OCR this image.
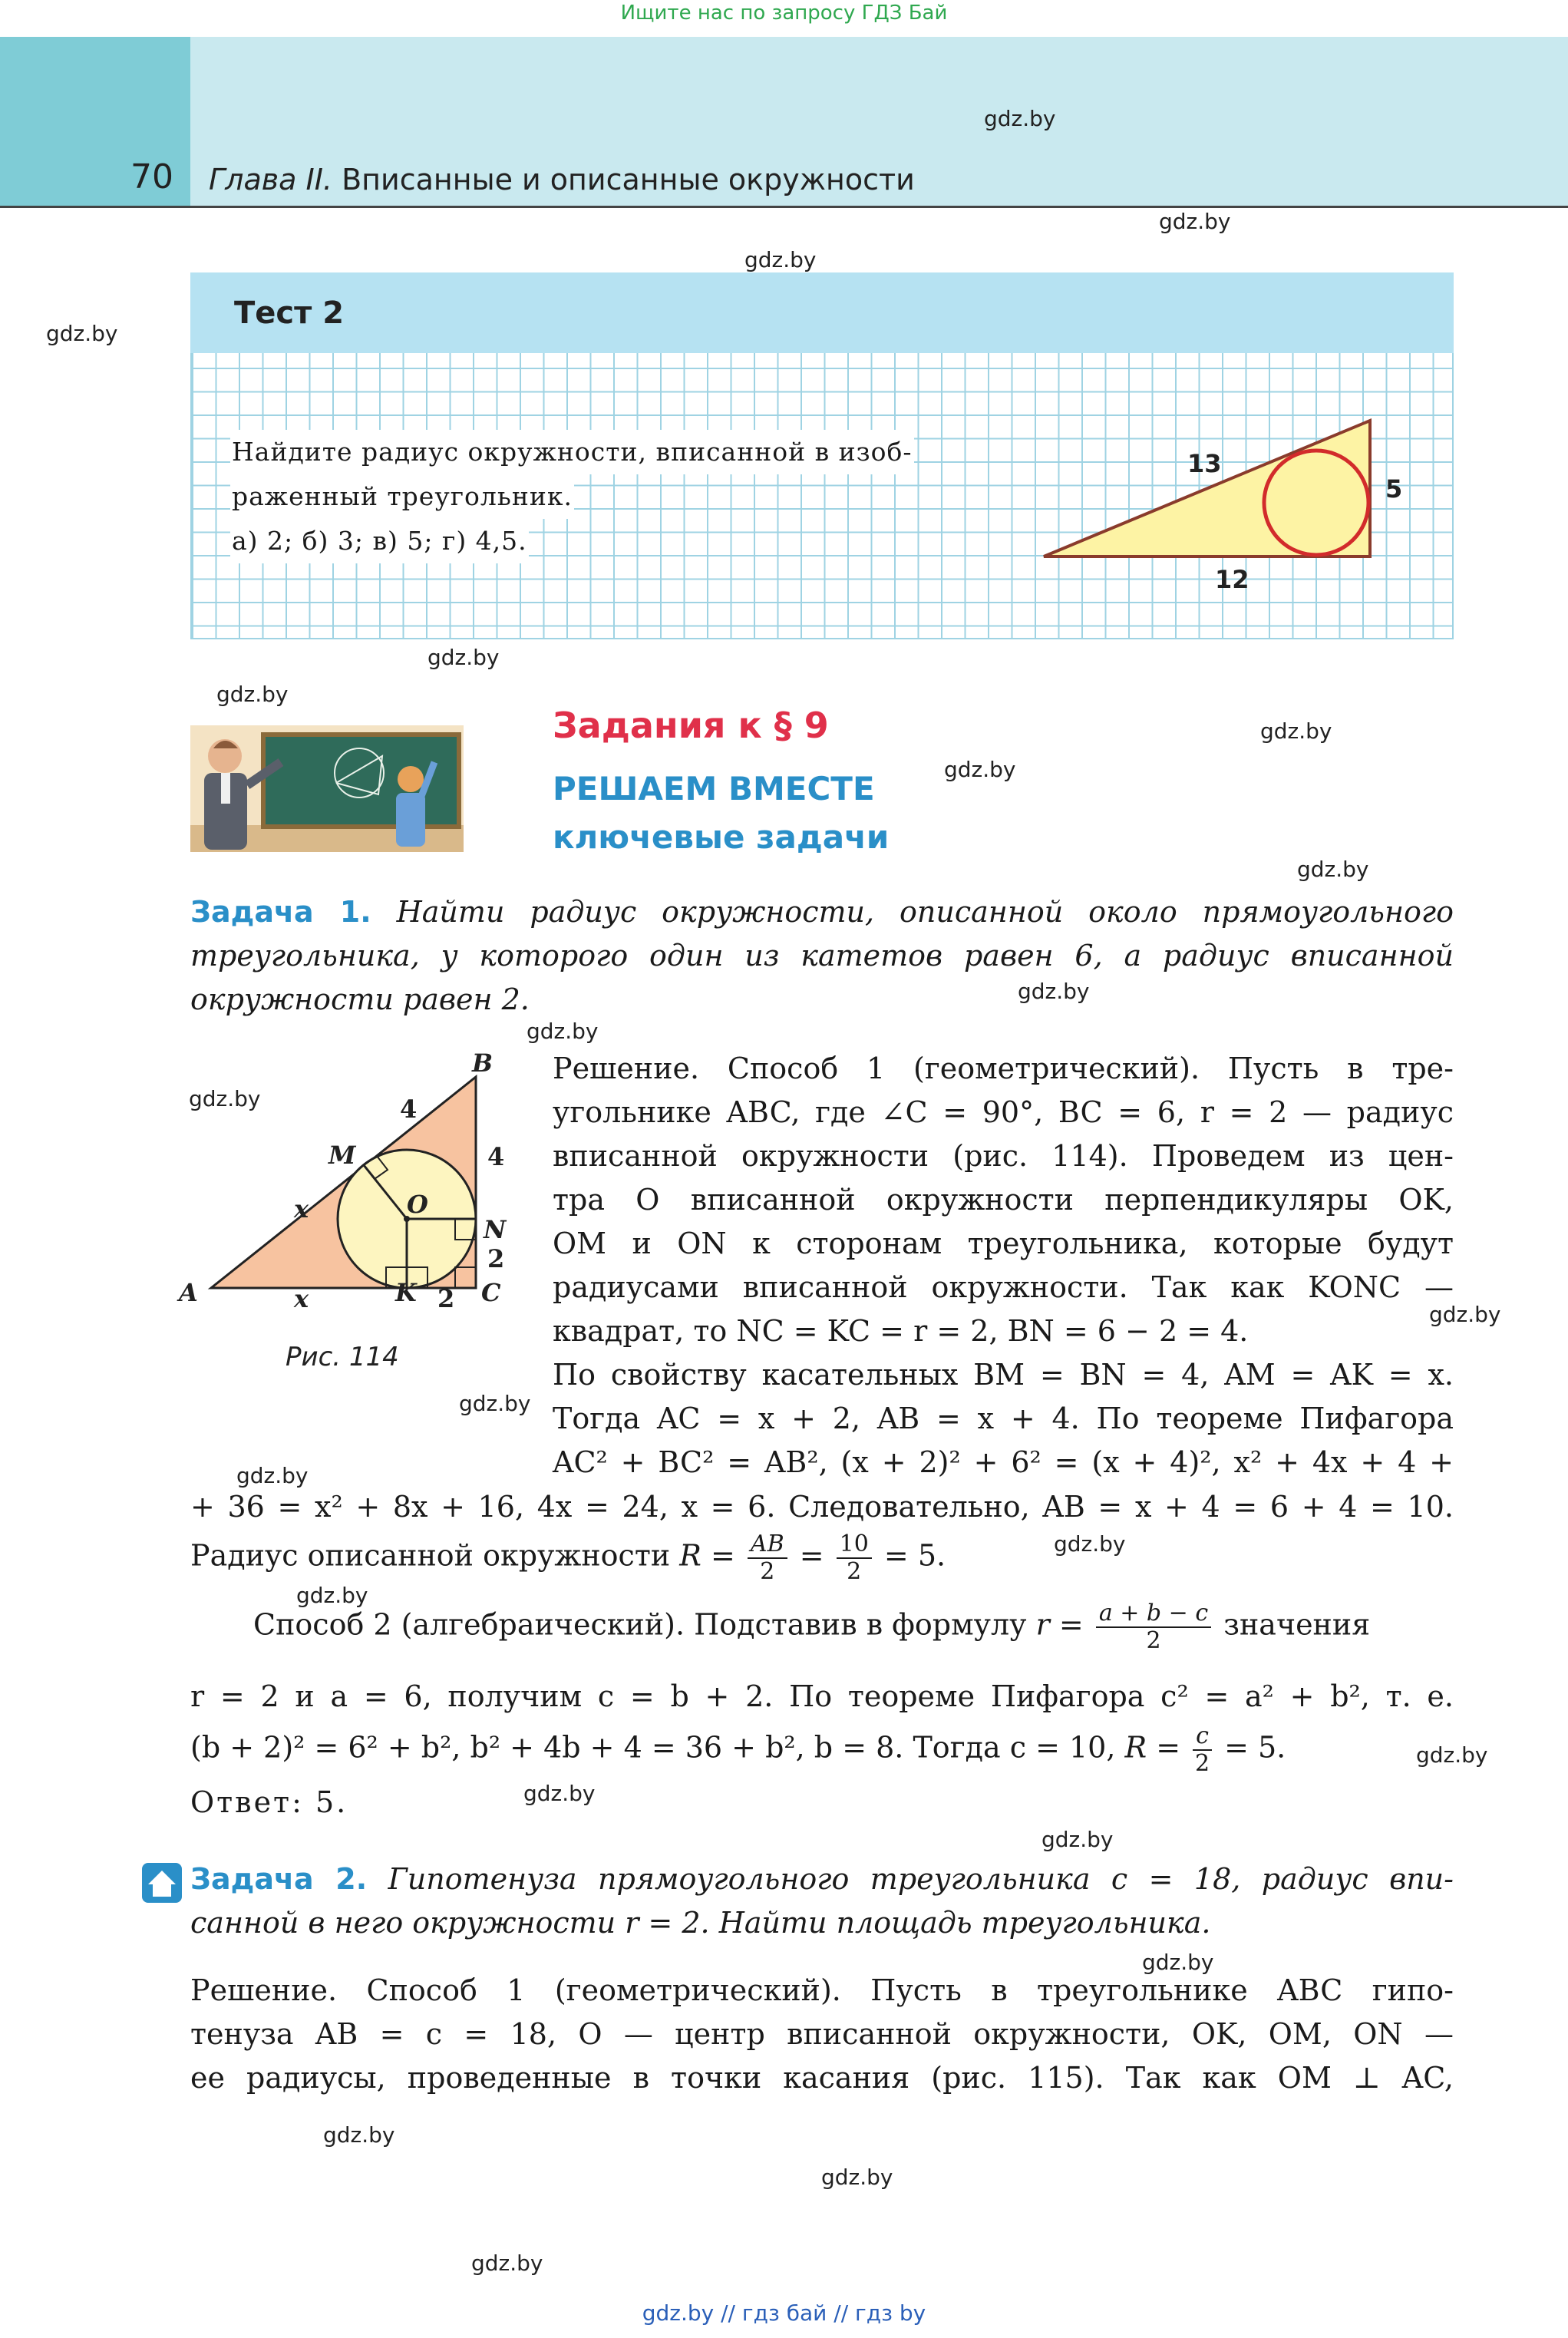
Ищите нас по запросу ГДЗ Бай
70 Глава II. Вписанные и описанные окружности
gdz.by
gdz.by
gdz.by
gdz.by
gdz.by
gdz.by
gdz.by
gdz.by
gdz.by
gdz.by
gdz.by
gdz.by
gdz.by
gdz.by
gdz.by
gdz.by
gdz.by
gdz.by
gdz.by
gdz.by
gdz.by
gdz.by
gdz.by
gdz.by
Тест 2
Найдите радиус окружности, вписанной в изоб-
раженный треугольник.
а) 2; б) 3; в) 5; г) 4,5.
13
5
12
Задания к § 9
РЕШАЕМ ВМЕСТЕ
ключевые задачи
Задача 1. Найти радиус окружности, описанной около прямоугольного
треугольника, у которого один из катетов равен 6, а радиус вписанной
окружности равен 2.
A
B
C
M
N
K
O
x
x
4
4
2
2
Рис. 114
Решение. Способ 1 (геометрический). Пусть в тре-
угольнике ABC, где ∠C = 90°, BC = 6, r = 2 — радиус
вписанной окружности (рис. 114). Проведем из цен-
тра O вписанной окружности перпендикуляры OK,
OM и ON к сторонам треугольника, которые будут
радиусами вписанной окружности. Так как KONC —
квадрат, то NC = KC = r = 2, BN = 6 − 2 = 4.
По свойству касательных BM = BN = 4, AM = AK = x.
Тогда AC = x + 2, AB = x + 4. По теореме Пифагора
AC² + BC² = AB², (x + 2)² + 6² = (x + 4)², x² + 4x + 4 +
+ 36 = x² + 8x + 16, 4x = 24, x = 6. Следовательно, AB = x + 4 = 6 + 4 = 10.
Радиус описанной окружности $R = \frac{AB}{2} = \frac{10}{2} = 5$.
Способ 2 (алгебраический). Подставив в формулу $r = \frac{a + b - c}{2}$ значения
r = 2 и a = 6, получим c = b + 2. По теореме Пифагора c² = a² + b², т. е.
(b + 2)² = 6² + b², b² + 4b + 4 = 36 + b², b = 8. Тогда c = 10, $R = \frac{c}{2} = 5$.
Ответ: 5.
Задача 2. Гипотенуза прямоугольного треугольника c = 18, радиус впи-
санной в него окружности r = 2. Найти площадь треугольника.
Решение. Способ 1 (геометрический). Пусть в треугольнике ABC гипо-
тенуза AB = c = 18, O — центр вписанной окружности, OK, OM, ON —
ее радиусы, проведенные в точки касания (рис. 115). Так как OM ⊥ AC,
gdz.by // гдз бай // гдз by
